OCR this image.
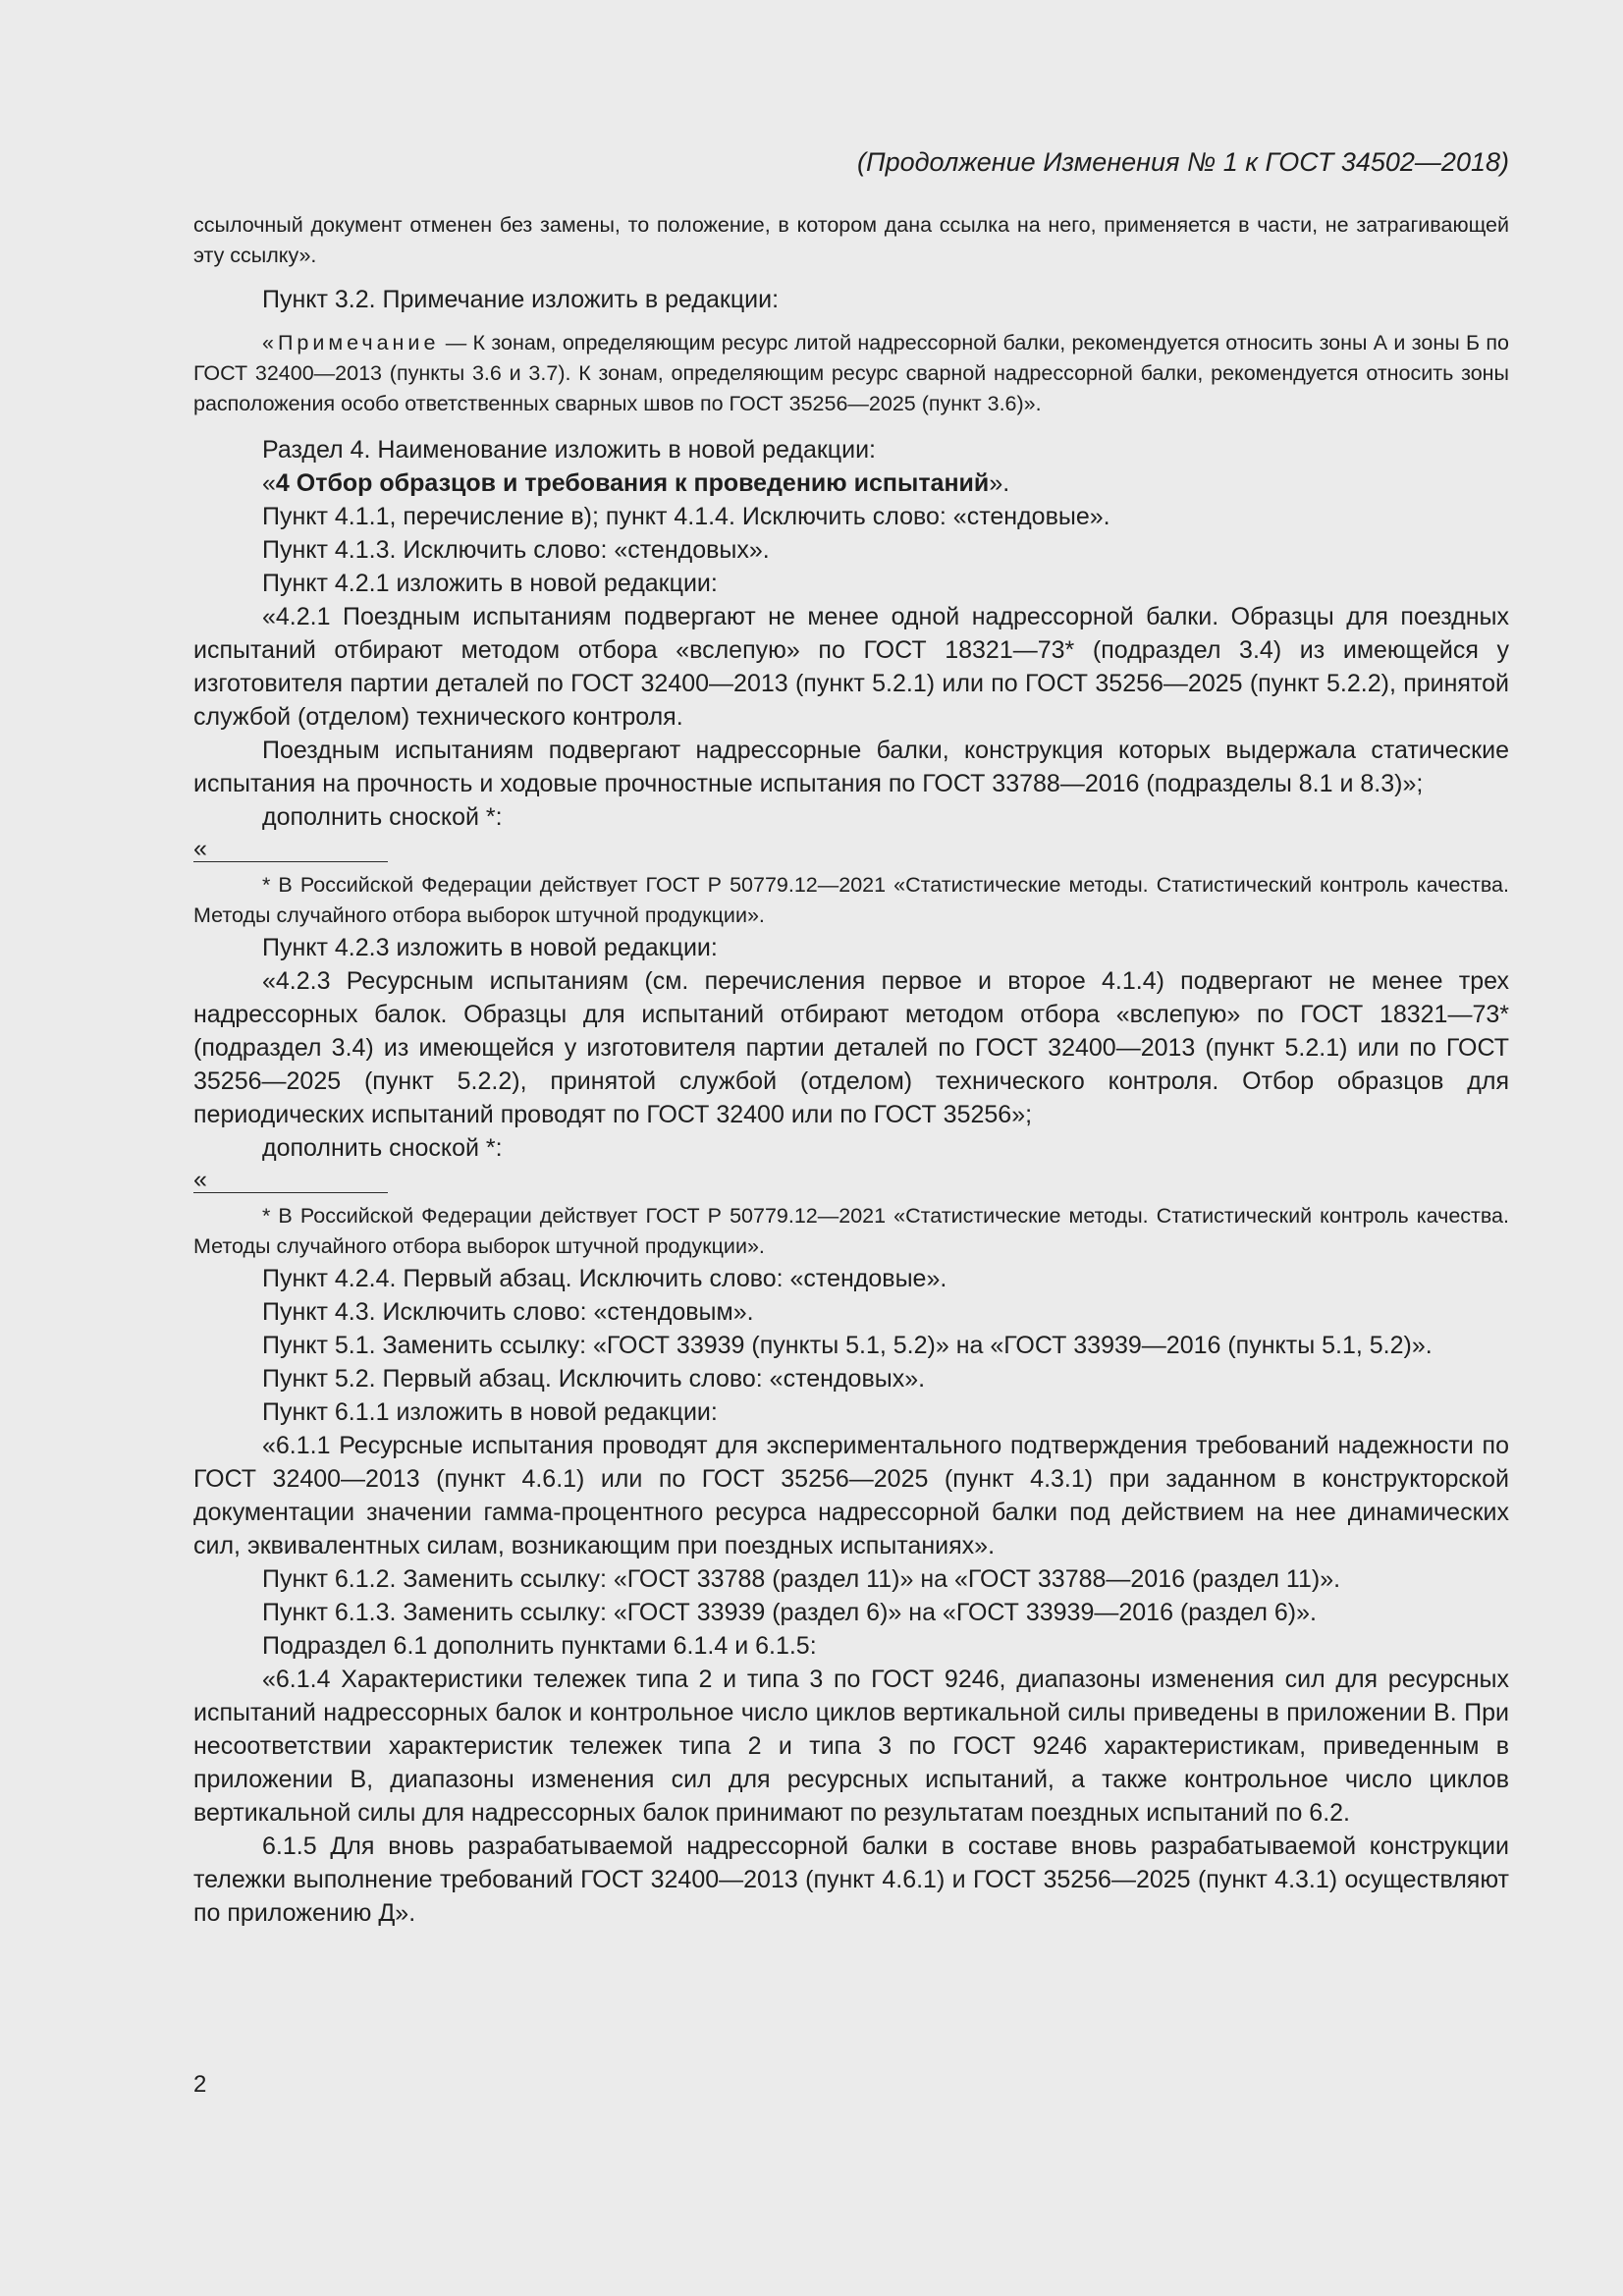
(Продолжение Изменения № 1 к ГОСТ 34502—2018)

ссылочный документ отменен без замены, то положение, в котором дана ссылка на него, применяется в части, не затрагивающей эту ссылку».

Пункт 3.2. Примечание изложить в редакции:

«Примечание — К зонам, определяющим ресурс литой надрессорной балки, рекомендуется относить зоны А и зоны Б по ГОСТ 32400—2013 (пункты 3.6 и 3.7). К зонам, определяющим ресурс сварной надрессорной балки, рекомендуется относить зоны расположения особо ответственных сварных швов по ГОСТ 35256—2025 (пункт 3.6)».

Раздел 4. Наименование изложить в новой редакции:

«4 Отбор образцов и требования к проведению испытаний».

Пункт 4.1.1, перечисление в); пункт 4.1.4. Исключить слово: «стендовые».

Пункт 4.1.3. Исключить слово: «стендовых».

Пункт 4.2.1 изложить в новой редакции:

«4.2.1 Поездным испытаниям подвергают не менее одной надрессорной балки. Образцы для поездных испытаний отбирают методом отбора «вслепую» по ГОСТ 18321—73* (подраздел 3.4) из имеющейся у изготовителя партии деталей по ГОСТ 32400—2013 (пункт 5.2.1) или по ГОСТ 35256—2025 (пункт 5.2.2), принятой службой (отделом) технического контроля.

Поездным испытаниям подвергают надрессорные балки, конструкция которых выдержала статические испытания на прочность и ходовые прочностные испытания по ГОСТ 33788—2016 (подразделы 8.1 и 8.3)»;

дополнить сноской *:

«

* В Российской Федерации действует ГОСТ Р 50779.12—2021 «Статистические методы. Статистический контроль качества. Методы случайного отбора выборок штучной продукции».

Пункт 4.2.3 изложить в новой редакции:

«4.2.3 Ресурсным испытаниям (см. перечисления первое и второе 4.1.4) подвергают не менее трех надрессорных балок. Образцы для испытаний отбирают методом отбора «вслепую» по ГОСТ 18321—73* (подраздел 3.4) из имеющейся у изготовителя партии деталей по ГОСТ 32400—2013 (пункт 5.2.1) или по ГОСТ 35256—2025 (пункт 5.2.2), принятой службой (отделом) технического контроля. Отбор образцов для периодических испытаний проводят по ГОСТ 32400 или по ГОСТ 35256»;

дополнить сноской *:

«

* В Российской Федерации действует ГОСТ Р 50779.12—2021 «Статистические методы. Статистический контроль качества. Методы случайного отбора выборок штучной продукции».

Пункт 4.2.4. Первый абзац. Исключить слово: «стендовые».

Пункт 4.3. Исключить слово: «стендовым».

Пункт 5.1. Заменить ссылку: «ГОСТ 33939 (пункты 5.1, 5.2)» на «ГОСТ 33939—2016 (пункты 5.1, 5.2)».

Пункт 5.2. Первый абзац. Исключить слово: «стендовых».

Пункт 6.1.1 изложить в новой редакции:

«6.1.1 Ресурсные испытания проводят для экспериментального подтверждения требований надежности по ГОСТ 32400—2013 (пункт 4.6.1) или по ГОСТ 35256—2025 (пункт 4.3.1) при заданном в конструкторской документации значении гамма-процентного ресурса надрессорной балки под действием на нее динамических сил, эквивалентных силам, возникающим при поездных испытаниях».

Пункт 6.1.2. Заменить ссылку: «ГОСТ 33788 (раздел 11)» на «ГОСТ 33788—2016 (раздел 11)».

Пункт 6.1.3. Заменить ссылку: «ГОСТ 33939 (раздел 6)» на «ГОСТ 33939—2016 (раздел 6)».

Подраздел 6.1 дополнить пунктами 6.1.4 и 6.1.5:

«6.1.4 Характеристики тележек типа 2 и типа 3 по ГОСТ 9246, диапазоны изменения сил для ресурсных испытаний надрессорных балок и контрольное число циклов вертикальной силы приведены в приложении В. При несоответствии характеристик тележек типа 2 и типа 3 по ГОСТ 9246 характеристикам, приведенным в приложении В, диапазоны изменения сил для ресурсных испытаний, а также контрольное число циклов вертикальной силы для надрессорных балок принимают по результатам поездных испытаний по 6.2.

6.1.5 Для вновь разрабатываемой надрессорной балки в составе вновь разрабатываемой конструкции тележки выполнение требований ГОСТ 32400—2013 (пункт 4.6.1) и ГОСТ 35256—2025 (пункт 4.3.1) осуществляют по приложению Д».

2
